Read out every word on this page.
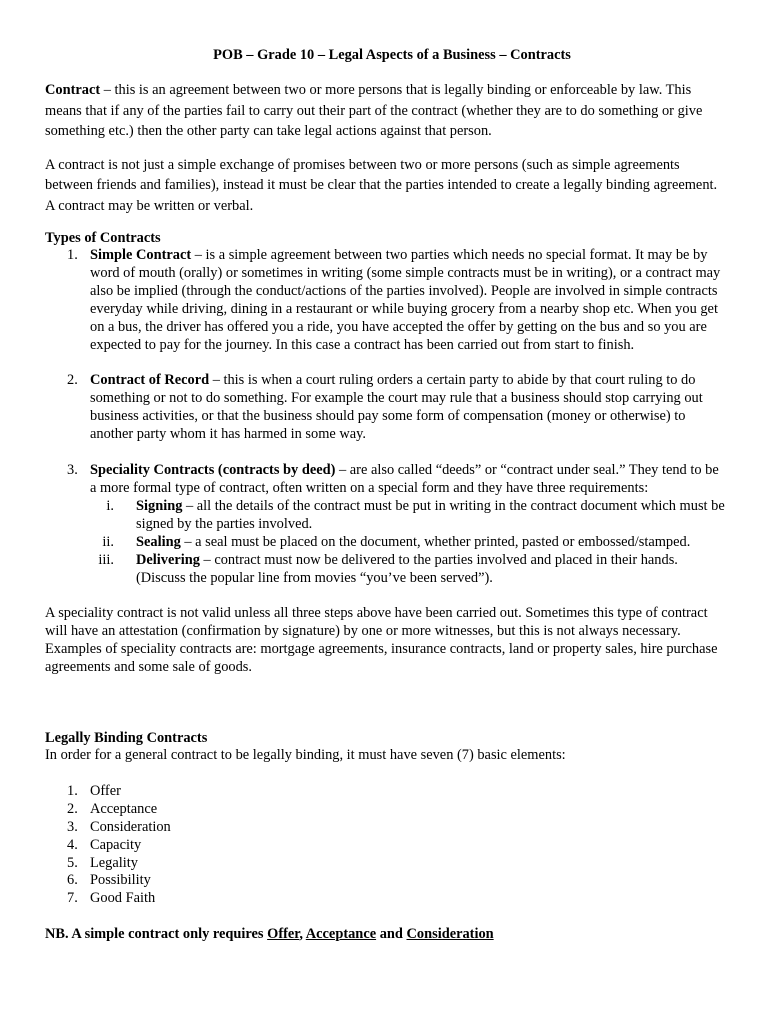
POB – Grade 10 – Legal Aspects of a Business – Contracts

Contract – this is an agreement between two or more persons that is legally binding or enforceable by law. This means that if any of the parties fail to carry out their part of the contract (whether they are to do something or give something etc.) then the other party can take legal actions against that person.

A contract is not just a simple exchange of promises between two or more persons (such as simple agreements between friends and families), instead it must be clear that the parties intended to create a legally binding agreement. A contract may be written or verbal.

Types of Contracts

1. Simple Contract – is a simple agreement between two parties which needs no special format. It may be by word of mouth (orally) or sometimes in writing (some simple contracts must be in writing), or a contract may also be implied (through the conduct/actions of the parties involved). People are involved in simple contracts everyday while driving, dining in a restaurant or while buying grocery from a nearby shop etc. When you get on a bus, the driver has offered you a ride, you have accepted the offer by getting on the bus and so you are expected to pay for the journey. In this case a contract has been carried out from start to finish.
2. Contract of Record – this is when a court ruling orders a certain party to abide by that court ruling to do something or not to do something. For example the court may rule that a business should stop carrying out business activities, or that the business should pay some form of compensation (money or otherwise) to another party whom it has harmed in some way.
3. Speciality Contracts (contracts by deed) – are also called “deeds” or “contract under seal.” They tend to be a more formal type of contract, often written on a special form and they have three requirements:
i. Signing – all the details of the contract must be put in writing in the contract document which must be signed by the parties involved.
ii. Sealing – a seal must be placed on the document, whether printed, pasted or embossed/stamped.
iii. Delivering – contract must now be delivered to the parties involved and placed in their hands. (Discuss the popular line from movies “you’ve been served”).

A speciality contract is not valid unless all three steps above have been carried out. Sometimes this type of contract will have an attestation (confirmation by signature) by one or more witnesses, but this is not always necessary. Examples of speciality contracts are: mortgage agreements, insurance contracts, land or property sales, hire purchase agreements and some sale of goods.

Legally Binding Contracts

In order for a general contract to be legally binding, it must have seven (7) basic elements:

1. Offer
2. Acceptance
3. Consideration
4. Capacity
5. Legality
6. Possibility
7. Good Faith

NB. A simple contract only requires Offer, Acceptance and Consideration
